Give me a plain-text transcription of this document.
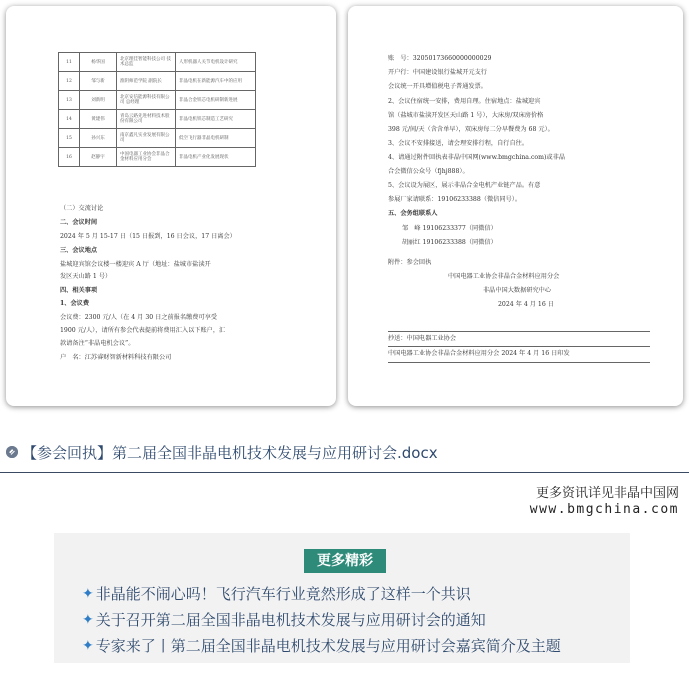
11	杨华国	北京理佳智能科技公司 技术总监	人形机器人关节电机设计研究
12	邹与新	淮阴师范学院 副院长	非晶电机在新能源汽车中的应用
13	刘新明	北京安信能源科技有限公司 总经理	非晶合金铁芯电机研制新进展
14	黄建伟	青岛云路先进材料技术股份有限公司	非晶电机铁芯制造工艺研究
15	孙兴东	南京鑫凡实业发展有限公司	低空飞行器非晶电机研制
16	赵静宇	中国电器工业协会非晶合金材料应用分会	非晶电机产业化发展现状
（二）交流讨论
二、会议时间
2024 年 5 月 15-17 日（15 日报到，16 日会议，17 日离会）
三、会议地点
盐城迎宾馆会议楼一楼迎宾 A 厅（地址：盐城市盐渎开
发区天山路 1 号）
四、相关事项
1、会议费
会议费：2300 元/人（在 4 月 30 日之前报名缴费可享受
1900 元/人），请所有参会代表提前将费用汇入以下账户，汇
款请备注“非晶电机会议”。
户　名：江苏睿财智新材料科技有限公司
账　号：32050173660000000029
开户行：中国建设银行盐城开元支行
会议统一开具增值税电子普通发票。
2、会议住宿统一安排，费用自理。住宿地点：盐城迎宾
馆（盐城市盐渎开发区天山路 1 号），大床房/双床房价格
398 元/间/天（含含单早），双床房每二分早餐费为 68 元）。
3、会议不安排接送，请会理安排行程，自行自往。
4、请通过附件回执表非晶中国网(www.bmgchina.com)或非晶
合会微信公众号（fjhj888）。
5、会议设为展区，展示非晶合金电机产业链产品。有意
参展厂家请联系：19106233388（微信同号）。
五、会务组联系人
邹　峰 19106233377（同微信）
胡丽红 19106233388（同微信）
附件：参会回执
中国电器工业协会非晶合金材料应用分会
非晶中国大数据研究中心
2024 年 4 月 16 日
抄送：中国电器工业协会
中国电器工业协会非晶合金材料应用分会 2024 年 4 月 16 日印发
【参会回执】第二届全国非晶电机技术发展与应用研讨会.docx
更多资讯详见非晶中国网
www.bmgchina.com
更多精彩
✦ 非晶能不闹心吗！飞行汽车行业竟然形成了这样一个共识
✦ 关于召开第二届全国非晶电机技术发展与应用研讨会的通知
✦ 专家来了丨第二届全国非晶电机技术发展与应用研讨会嘉宾简介及主题
